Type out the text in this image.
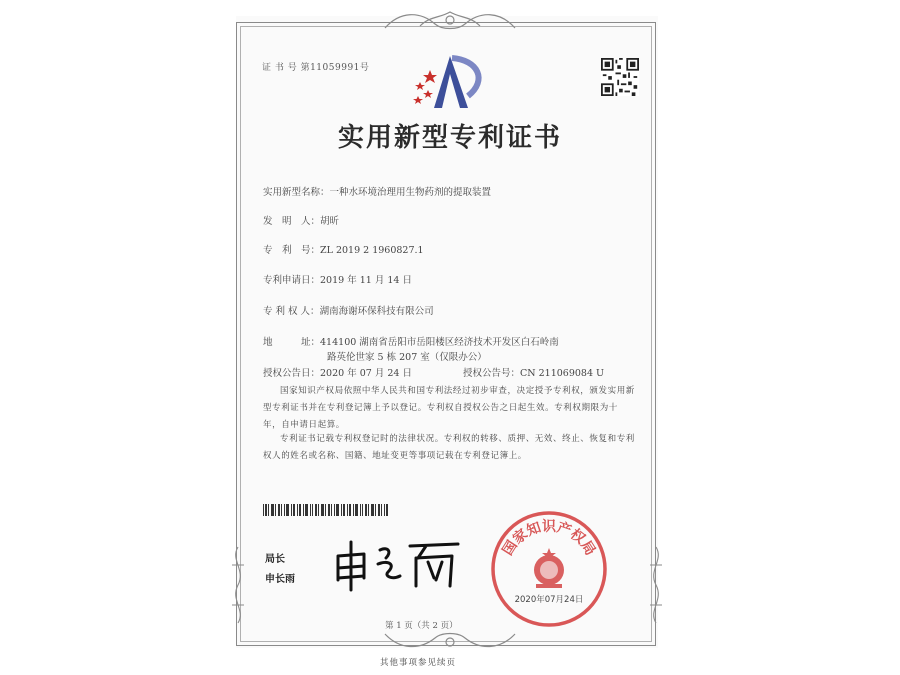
证 书 号 第11059991号
实用新型专利证书
实用新型名称：一种水环境治理用生物药剂的提取装置
发　明　人：胡昕
专　利　号：ZL 2019 2 1960827.1
专利申请日：2019 年 11 月 14 日
专 利 权 人：湖南海谢环保科技有限公司
地　　　址：414100 湖南省岳阳市岳阳楼区经济技术开发区白石岭南
路英伦世家 5 栋 207 室（仅限办公）
授权公告日：2020 年 07 月 24 日	授权公告号：CN 211069084 U
国家知识产权局依照中华人民共和国专利法经过初步审查，决定授予专利权，颁发实用新型专利证书并在专利登记簿上予以登记。专利权自授权公告之日起生效。专利权期限为十年，自申请日起算。
专利证书记载专利权登记时的法律状况。专利权的转移、质押、无效、终止、恢复和专利权人的姓名或名称、国籍、地址变更等事项记载在专利登记簿上。
局长
申长雨
国家知识产权局
2020年07月24日
第 1 页（共 2 页）
其他事项参见续页
